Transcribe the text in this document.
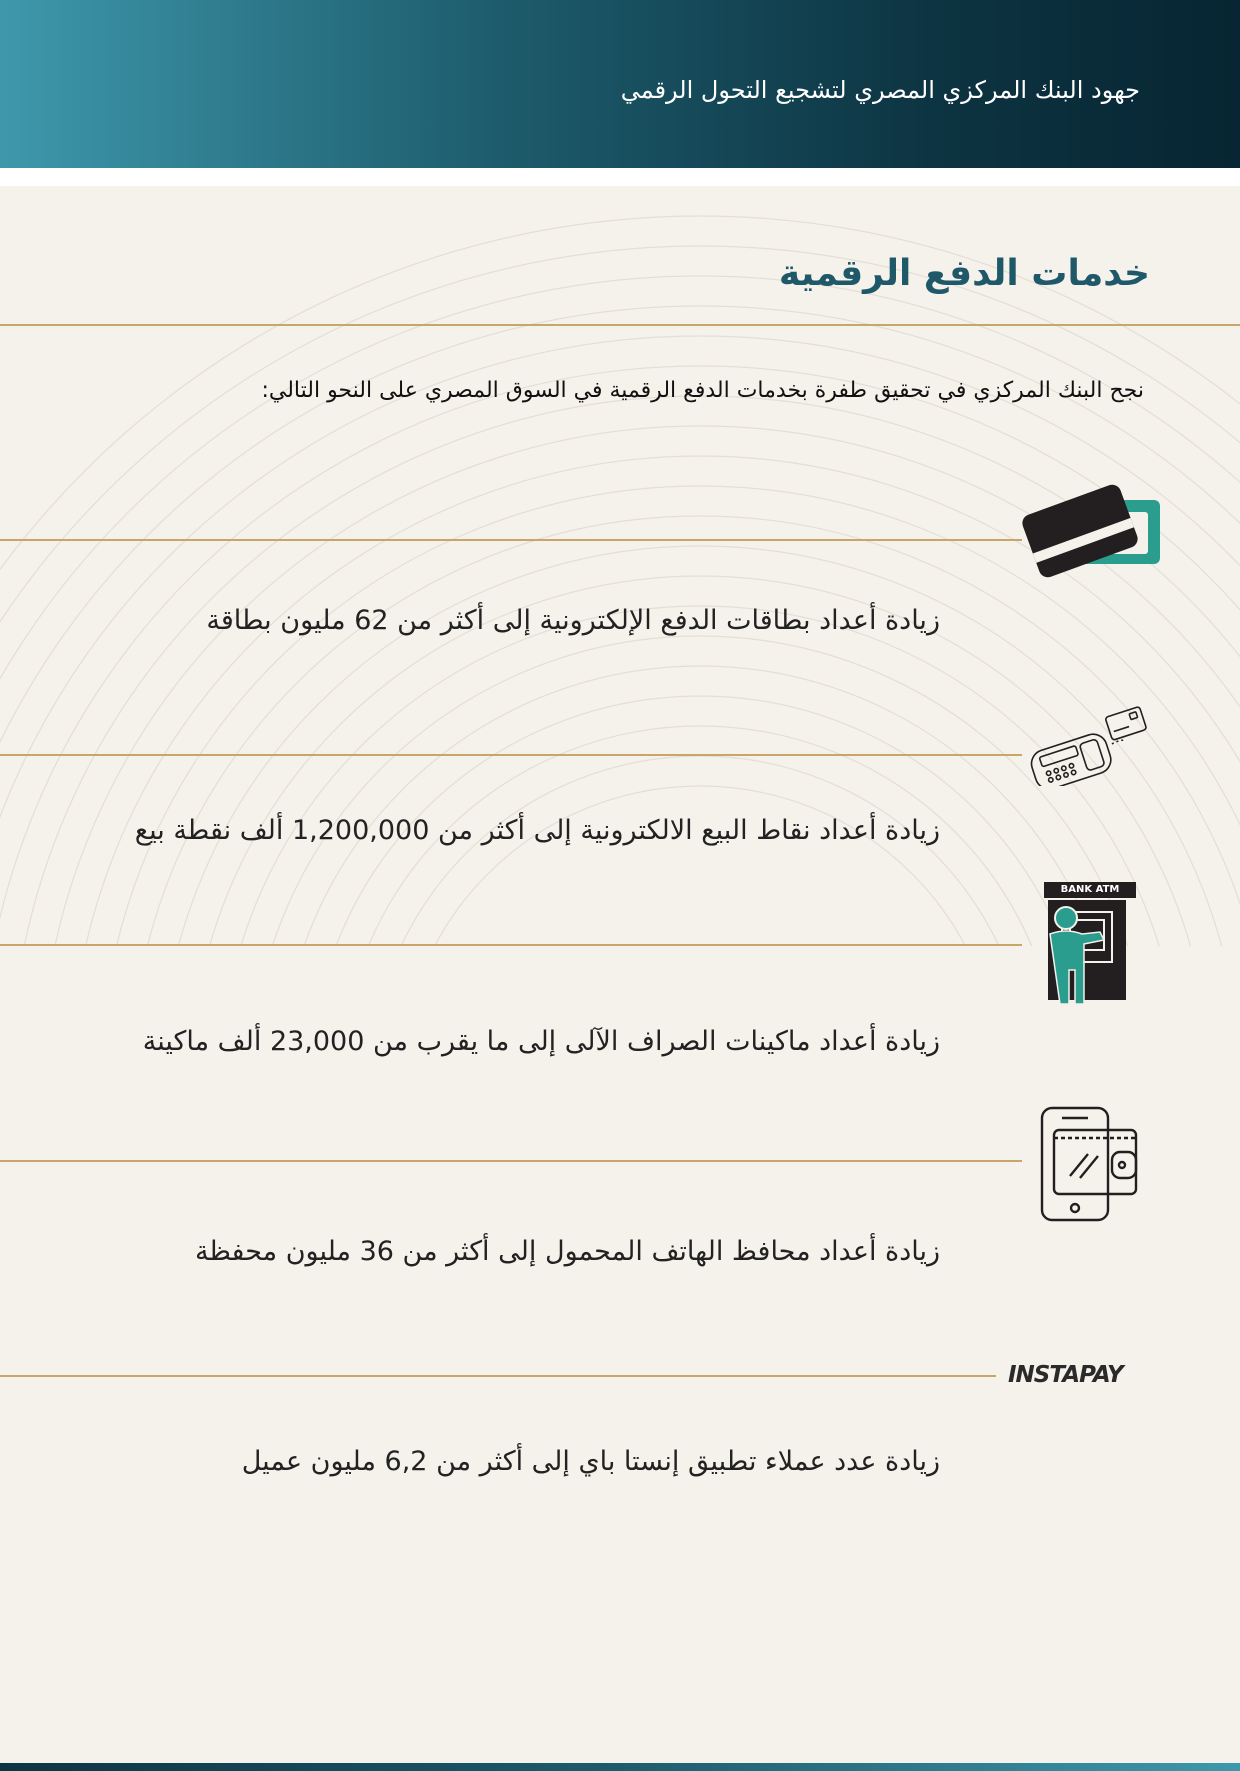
جهود البنك المركزي المصري لتشجيع التحول الرقمي
خدمات الدفع الرقمية
نجح البنك المركزي في تحقيق طفرة بخدمات الدفع الرقمية في السوق المصري على النحو التالي:
زيادة أعداد بطاقات الدفع الإلكترونية إلى أكثر من 62 مليون بطاقة
زيادة أعداد نقاط البيع الالكترونية إلى أكثر من 1,200,000 ألف نقطة بيع
BANK ATM
زيادة أعداد ماكينات الصراف الآلى إلى ما يقرب من 23,000 ألف ماكينة
زيادة أعداد محافظ الهاتف المحمول إلى أكثر من 36 مليون محفظة
INSTAPAY
زيادة عدد عملاء تطبيق إنستا باي إلى أكثر من 6,2 مليون عميل
